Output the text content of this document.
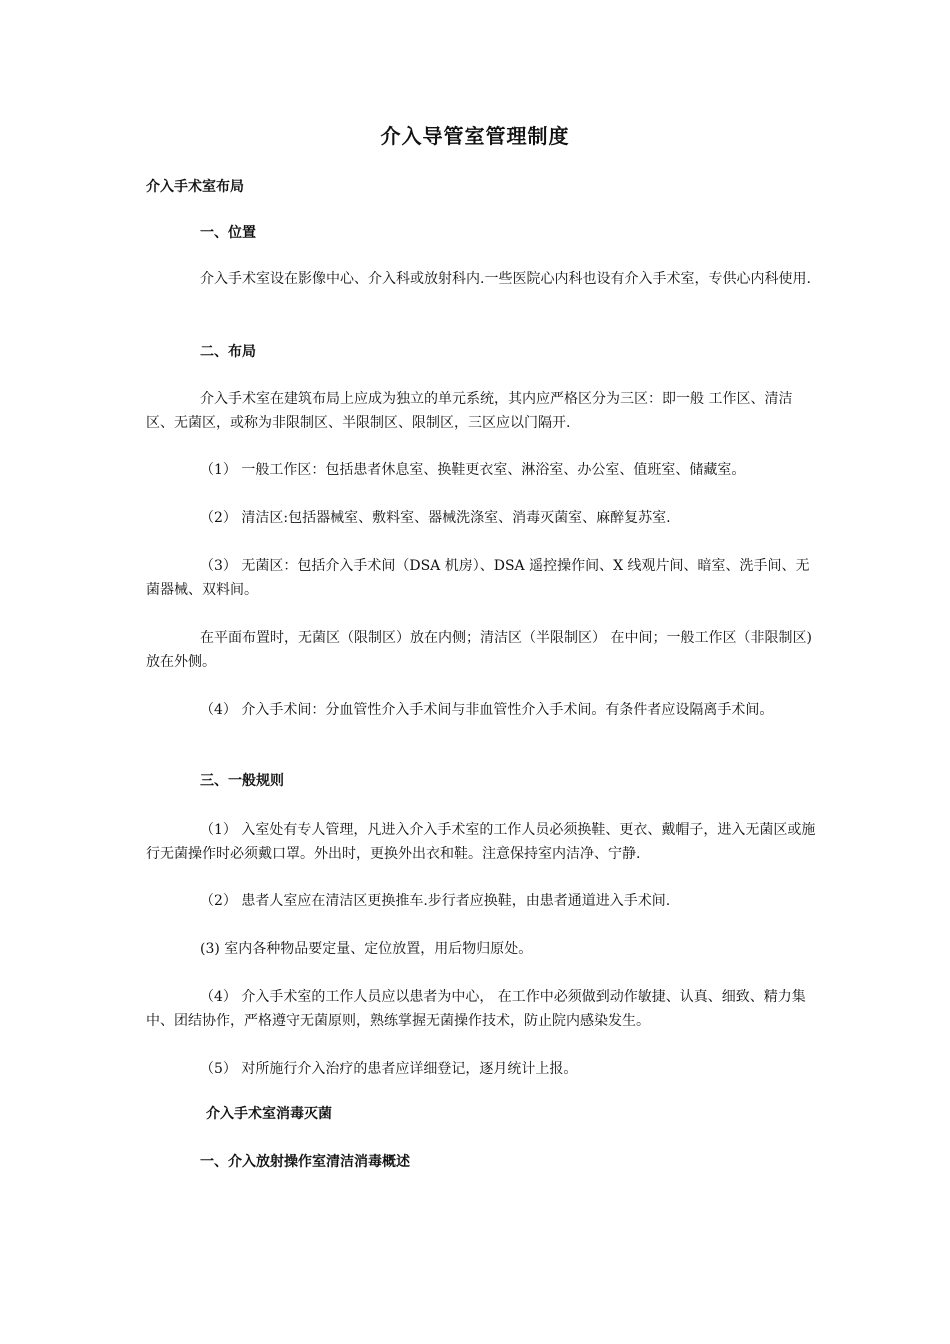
介入导管室管理制度
介入手术室布局
一、位置
介入手术室设在影像中心、介入科或放射科内.一些医院心内科也设有介入手术室，专供心内科使用.
二、布局
介入手术室在建筑布局上应成为独立的单元系统，其内应严格区分为三区：即一般 工作区、清洁区、无菌区，或称为非限制区、半限制区、限制区，三区应以门隔开.
（1） 一般工作区：包括患者休息室、换鞋更衣室、淋浴室、办公室、值班室、储藏室。
（2） 清洁区:包括器械室、敷料室、器械洗涤室、消毒灭菌室、麻醉复苏室.
（3） 无菌区：包括介入手术间（DSA 机房）、DSA 遥控操作间、X 线观片间、暗室、洗手间、无菌器械、双料间。
在平面布置时，无菌区（限制区）放在内侧；清洁区（半限制区） 在中间；一般工作区（非限制区)放在外侧。
（4） 介入手术间：分血管性介入手术间与非血管性介入手术间。有条件者应设隔离手术间。
三、一般规则
（1） 入室处有专人管理，凡进入介入手术室的工作人员必须换鞋、更衣、戴帽子，进入无菌区或施行无菌操作时必须戴口罩。外出时，更换外出衣和鞋。注意保持室内洁净、宁静.
（2） 患者人室应在清洁区更换推车.步行者应换鞋，由患者通道进入手术间.
(3) 室内各种物品要定量、定位放置，用后物归原处。
（4） 介入手术室的工作人员应以患者为中心， 在工作中必须做到动作敏捷、认真、细致、精力集中、团结协作，严格遵守无菌原则，熟练掌握无菌操作技术，防止院内感染发生。
（5） 对所施行介入治疗的患者应详细登记，逐月统计上报。
介入手术室消毒灭菌
一、介入放射操作室清洁消毒概述
